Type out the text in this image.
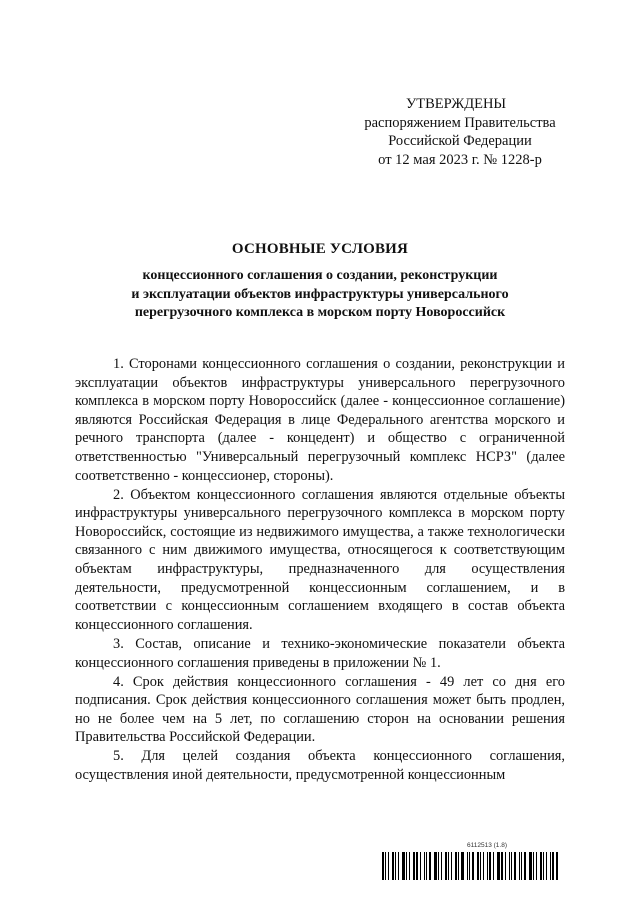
УТВЕРЖДЕНЫ
распоряжением Правительства
Российской Федерации
от 12 мая 2023 г. № 1228-р
ОСНОВНЫЕ УСЛОВИЯ
концессионного соглашения о создании, реконструкции
и эксплуатации объектов инфраструктуры универсального
перегрузочного комплекса в морском порту Новороссийск

1. Сторонами концессионного соглашения о создании, реконструкции и эксплуатации объектов инфраструктуры универсального перегрузочного комплекса в морском порту Новороссийск (далее - концессионное соглашение) являются Российская Федерация в лице Федерального агентства морского и речного транспорта (далее - концедент) и общество с ограниченной ответственностью "Универсальный перегрузочный комплекс НСРЗ" (далее соответственно - концессионер, стороны).

2. Объектом концессионного соглашения являются отдельные объекты инфраструктуры универсального перегрузочного комплекса в морском порту Новороссийск, состоящие из недвижимого имущества, а также технологически связанного с ним движимого имущества, относящегося к соответствующим объектам инфраструктуры, предназначенного для осуществления деятельности, предусмотренной концессионным соглашением, и в соответствии с концессионным соглашением входящего в состав объекта концессионного соглашения.

3. Состав, описание и технико-экономические показатели объекта концессионного соглашения приведены в приложении № 1.

4. Срок действия концессионного соглашения - 49 лет со дня его подписания. Срок действия концессионного соглашения может быть продлен, но не более чем на 5 лет, по соглашению сторон на основании решения Правительства Российской Федерации.

5. Для целей создания объекта концессионного соглашения, осуществления иной деятельности, предусмотренной концессионным

6112513 (1.8)
